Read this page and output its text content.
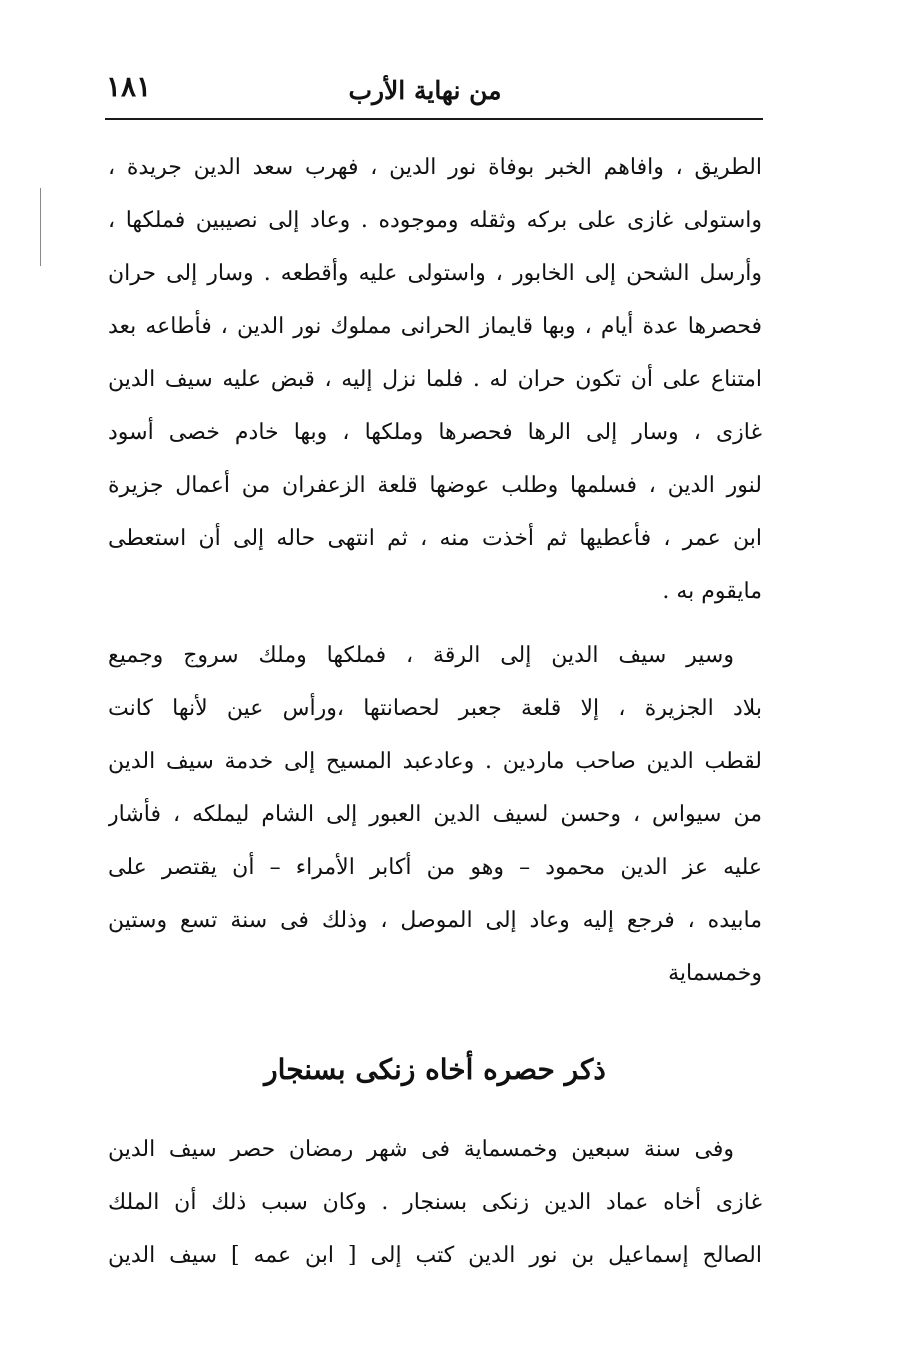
١٨١	من نهاية الأرب
الطريق ، وافاهم الخبر بوفاة نور الدين ، فهرب سعد الدين جريدة ،
واستولى غازى على بركه وثقله وموجوده . وعاد إلى نصيبين فملكها ،
وأرسل الشحن إلى الخابور ، واستولى عليه وأقطعه . وسار إلى حران
فحصرها عدة أيام ، وبها قايماز الحرانى مملوك نور الدين ، فأطاعه بعد
امتناع على أن تكون حران له . فلما نزل إليه ، قبض عليه سيف الدين
غازى ، وسار إلى الرها فحصرها وملكها ، وبها خادم خصى أسود
لنور الدين ، فسلمها وطلب عوضها قلعة الزعفران من أعمال جزيرة
ابن عمر ، فأعطيها ثم أخذت منه ، ثم انتهى حاله إلى أن استعطى
مايقوم به .
وسير سيف الدين إلى الرقة ، فملكها وملك سروج وجميع
بلاد الجزيرة ، إلا قلعة جعبر لحصانتها ،ورأس عين لأنها كانت
لقطب الدين صاحب ماردين . وعادعبد المسيح إلى خدمة سيف الدين
من سيواس ، وحسن لسيف الدين العبور إلى الشام ليملكه ، فأشار
عليه عز الدين محمود – وهو من أكابر الأمراء – أن يقتصر على
مابيده ، فرجع إليه وعاد إلى الموصل ، وذلك فى سنة تسع وستين
وخمسماية
ذكر حصره أخاه زنكى بسنجار
وفى سنة سبعين وخمسماية فى شهر رمضان حصر سيف الدين
غازى أخاه عماد الدين زنكى بسنجار . وكان سبب ذلك أن الملك
الصالح إسماعيل بن نور الدين كتب إلى [ ابن عمه ] سيف الدين
